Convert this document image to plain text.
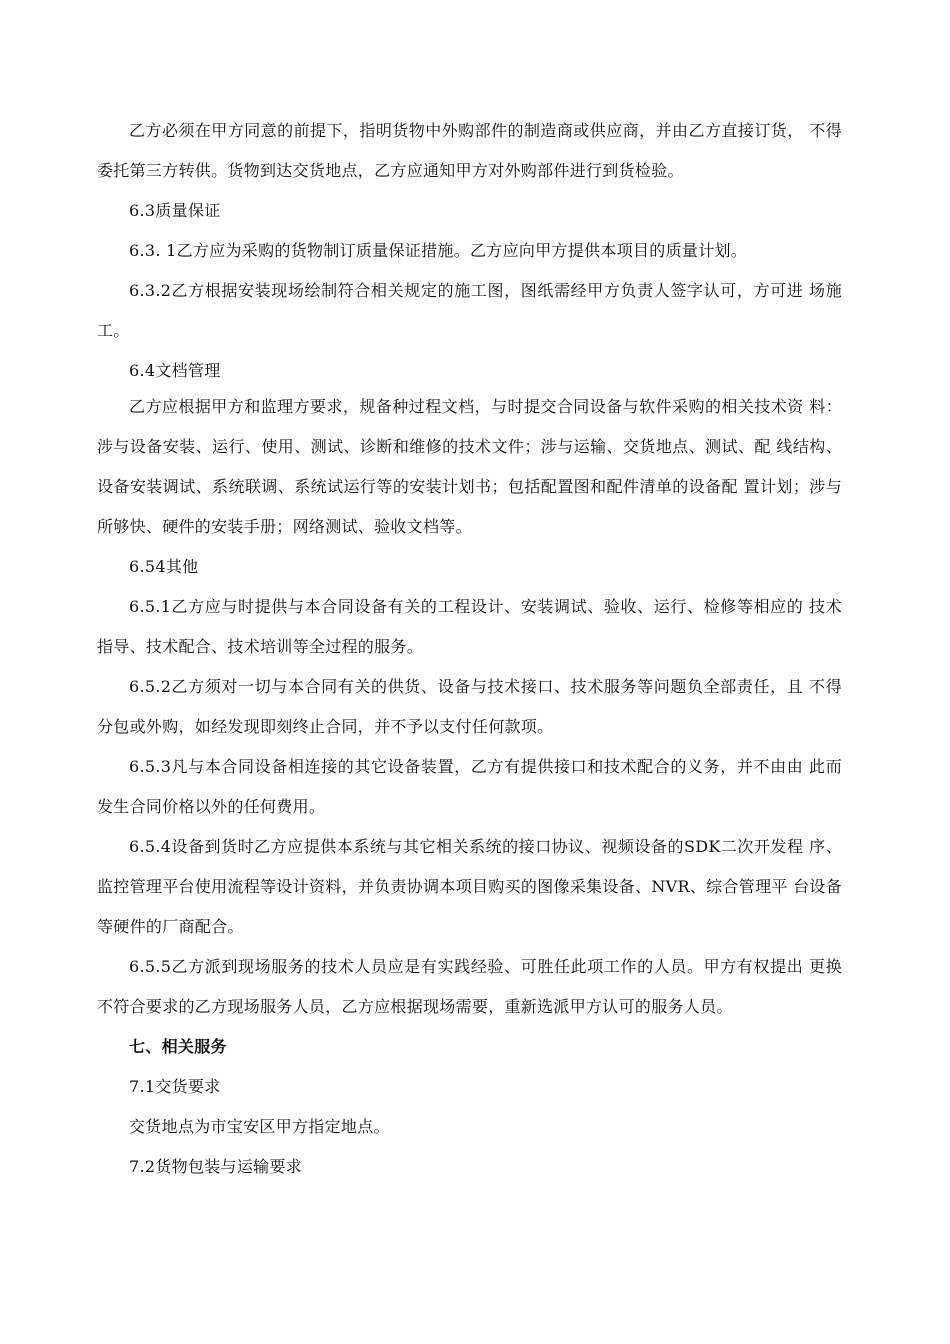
乙方必须在甲方同意的前提下，指明货物中外购部件的制造商或供应商，并由乙方直接订货， 不得委托第三方转供。货物到达交货地点，乙方应通知甲方对外购部件进行到货检验。

6.3质量保证

6.3. 1乙方应为采购的货物制订质量保证措施。乙方应向甲方提供本项目的质量计划。

6.3.2乙方根据安装现场绘制符合相关规定的施工图，图纸需经甲方负责人签字认可，方可进 场施工。

6.4文档管理

乙方应根据甲方和监理方要求，规备种过程文档，与时提交合同设备与软件采购的相关技术资 料：涉与设备安装、运行、使用、测试、诊断和维修的技术文件；涉与运输、交货地点、测试、配 线结构、设备安装调试、系统联调、系统试运行等的安装计划书；包括配置图和配件清单的设备配 置计划；涉与所够快、硬件的安装手册；网络测试、验收文档等。

6.54其他

6.5.1乙方应与时提供与本合同设备有关的工程设计、安装调试、验收、运行、检修等相应的 技术指导、技术配合、技术培训等全过程的服务。

6.5.2乙方须对一切与本合同有关的供货、设备与技术接口、技术服务等问题负全部责任，且 不得分包或外购，如经发现即刻终止合同，并不予以支付任何款项。

6.5.3凡与本合同设备相连接的其它设备装置，乙方有提供接口和技术配合的义务，并不由由 此而发生合同价格以外的任何费用。

6.5.4设备到货时乙方应提供本系统与其它相关系统的接口协议、视频设备的SDK二次开发程 序、监控管理平台使用流程等设计资料，并负责协调本项目购买的图像采集设备、NVR、综合管理平 台设备等硬件的厂商配合。

6.5.5乙方派到现场服务的技术人员应是有实践经验、可胜任此项工作的人员。甲方有权提出 更换不符合要求的乙方现场服务人员，乙方应根据现场需要，重新选派甲方认可的服务人员。

七、相关服务

7.1交货要求

交货地点为市宝安区甲方指定地点。

7.2货物包装与运输要求
